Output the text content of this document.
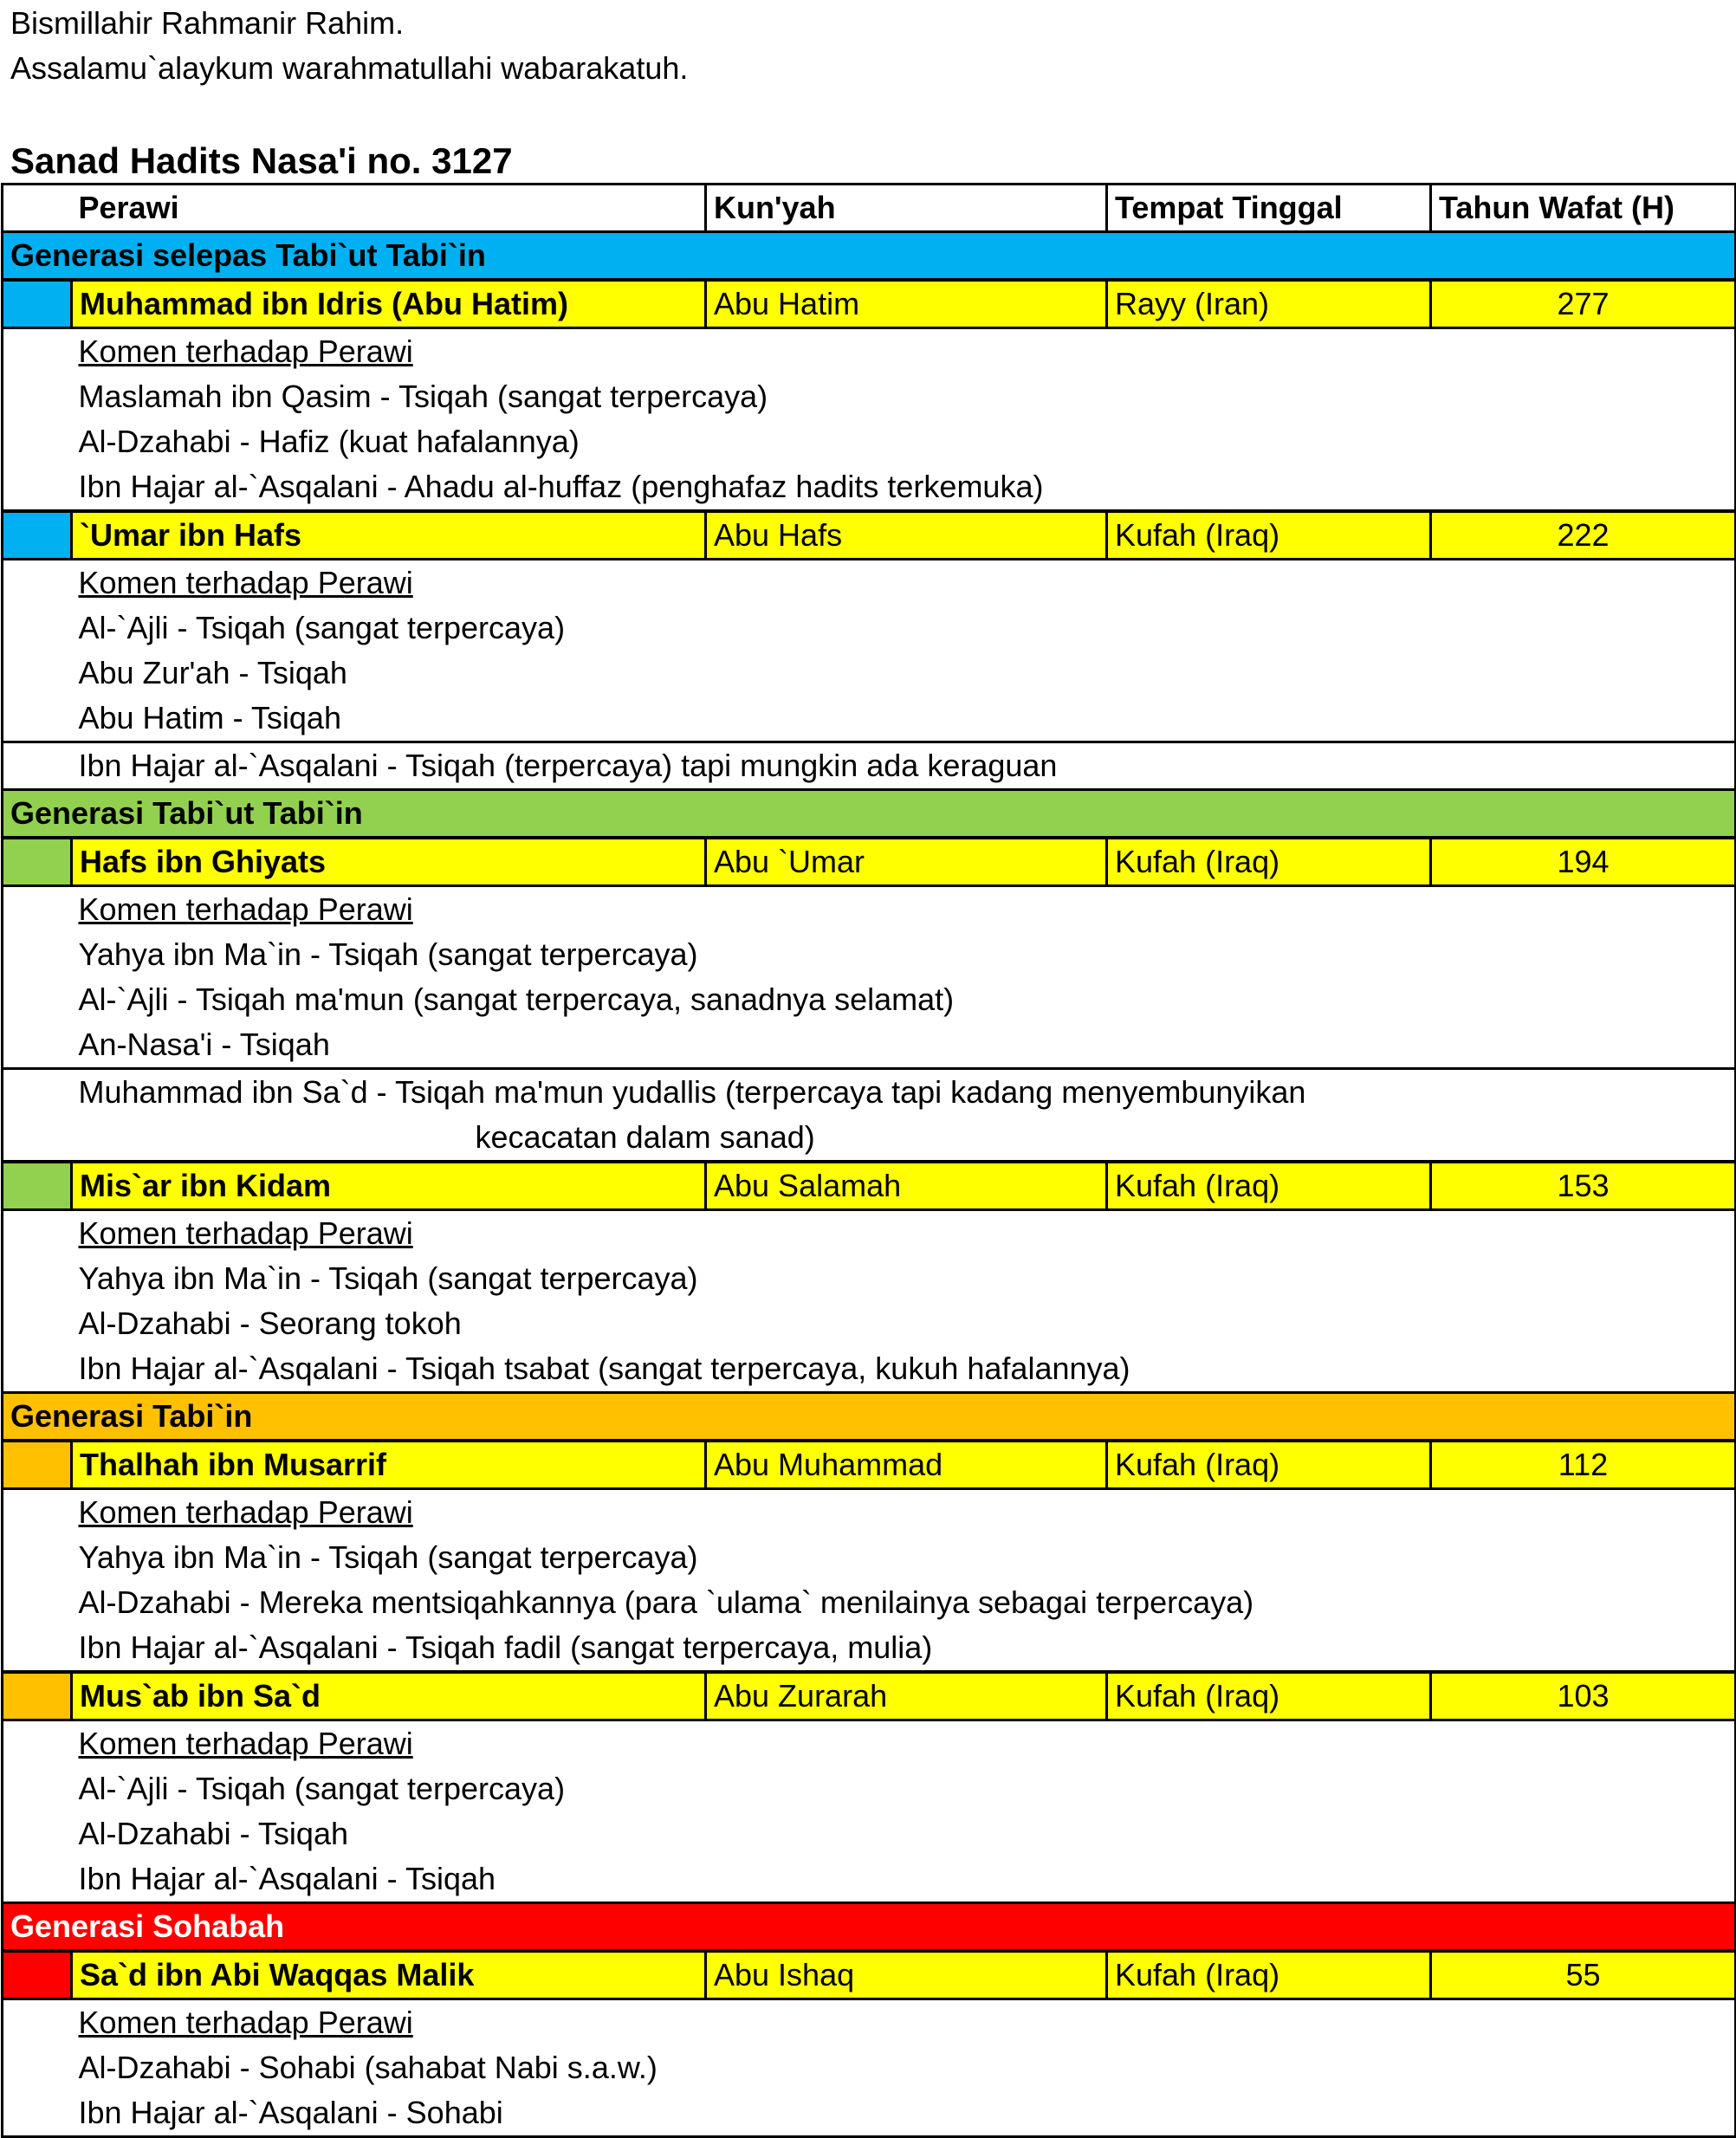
Bismillahir Rahmanir Rahim.
Assalamu`alaykum warahmatullahi wabarakatuh.
Sanad Hadits Nasa'i no. 3127
	Perawi	Kun'yah	Tempat Tinggal	Tahun Wafat (H)
Generasi selepas Tabi`ut Tabi`in				
	Muhammad ibn Idris (Abu Hatim)	Abu Hatim	Rayy (Iran)	277
	Komen terhadap Perawi			
	Maslamah ibn Qasim - Tsiqah (sangat terpercaya)			
	Al-Dzahabi - Hafiz (kuat hafalannya)			
	Ibn Hajar al-`Asqalani - Ahadu al-huffaz (penghafaz hadits terkemuka)			
	`Umar ibn Hafs	Abu Hafs	Kufah (Iraq)	222
	Komen terhadap Perawi			
	Al-`Ajli - Tsiqah (sangat terpercaya)			
	Abu Zur'ah - Tsiqah			
	Abu Hatim - Tsiqah			
	Ibn Hajar al-`Asqalani - Tsiqah (terpercaya) tapi mungkin ada keraguan			
Generasi Tabi`ut Tabi`in				
	Hafs ibn Ghiyats	Abu `Umar	Kufah (Iraq)	194
	Komen terhadap Perawi			
	Yahya ibn Ma`in - Tsiqah (sangat terpercaya)			
	Al-`Ajli - Tsiqah ma'mun (sangat terpercaya, sanadnya selamat)			
	An-Nasa'i - Tsiqah			

	Muhammad ibn Sa`d - Tsiqah ma'mun yudallis (terpercaya tapi kadang menyembunyikan
kecacatan dalam sanad)			

	Mis`ar ibn Kidam	Abu Salamah	Kufah (Iraq)	153
	Komen terhadap Perawi			
	Yahya ibn Ma`in - Tsiqah (sangat terpercaya)			
	Al-Dzahabi - Seorang tokoh			
	Ibn Hajar al-`Asqalani - Tsiqah tsabat (sangat terpercaya, kukuh hafalannya)			
Generasi Tabi`in				
	Thalhah ibn Musarrif	Abu Muhammad	Kufah (Iraq)	112
	Komen terhadap Perawi			
	Yahya ibn Ma`in - Tsiqah (sangat terpercaya)			
	Al-Dzahabi - Mereka mentsiqahkannya (para `ulama` menilainya sebagai terpercaya)			
	Ibn Hajar al-`Asqalani - Tsiqah fadil (sangat terpercaya, mulia)			
	Mus`ab ibn Sa`d	Abu Zurarah	Kufah (Iraq)	103
	Komen terhadap Perawi			
	Al-`Ajli - Tsiqah (sangat terpercaya)			
	Al-Dzahabi - Tsiqah			
	Ibn Hajar al-`Asqalani - Tsiqah			
Generasi Sohabah				
	Sa`d ibn Abi Waqqas Malik	Abu Ishaq	Kufah (Iraq)	55
	Komen terhadap Perawi			
	Al-Dzahabi - Sohabi (sahabat Nabi s.a.w.)			
	Ibn Hajar al-`Asqalani - Sohabi			
